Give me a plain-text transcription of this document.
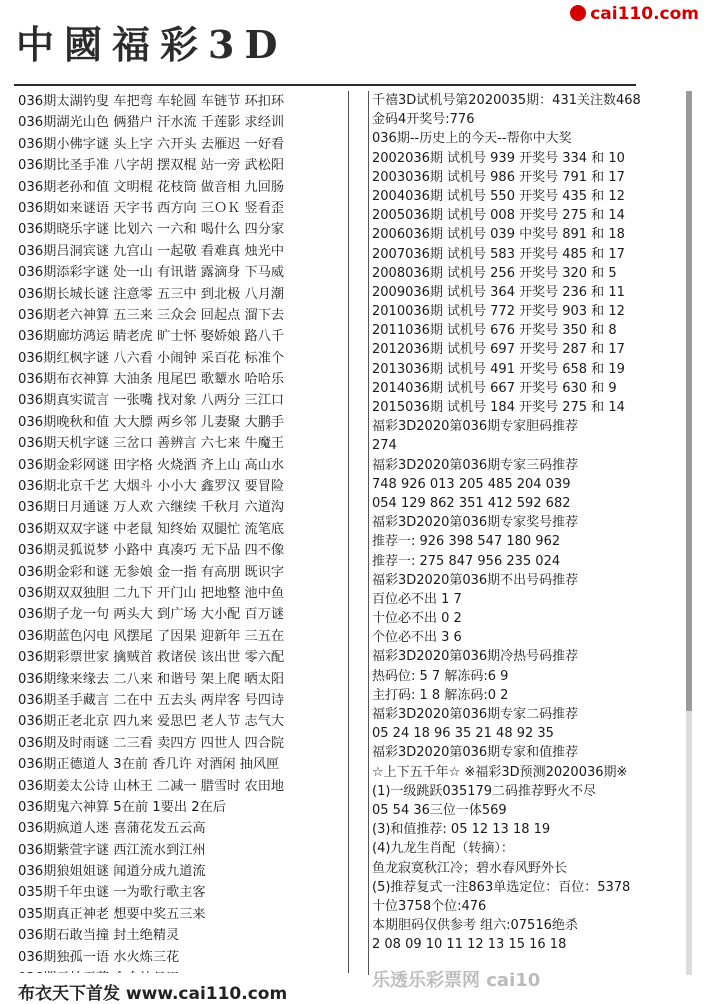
cai110.com
中國福彩3D
036期太湖钓叟 车把弯 车轮圆 车链节 环扣环
036期湖光山色 俩猎户 汗水流 千莲影 求经训
036期小佛字谜 头上字 六开头 去雁迟 一好看
036期比圣手准 八字胡 摆双棍 站一旁 武松阳
036期老孙和值 文明棍 花枝筒 做音相 九回肠
036期如来谜语 天字书 西方向 三ＯＫ 竖看歪
036期晓乐字谜 比划六 一六和 喝什么 四分家
036期吕洞宾谜 九宫山 一起敬 看难真 烛光中
036期添彩字谜 处一山 有讯谐 露滴身 下马威
036期长城长谜 注意零 五三中 到北极 八月潮
036期老六神算 五三来 三众会 回起点 溜下去
036期廊坊鸿运 睛老虎 旷士怀 娶娇娘 路八千
036期红枫字谜 八六看 小闹钟 采百花 标准个
036期布衣神算 大油条 甩尾巴 歌颦水 哈哈乐
036期真实谎言 一张嘴 找对象 八两分 三江口
036期晚秋和值 大大膘 两乡邻 儿妻聚 大鹏手
036期天机字谜 三岔口 善辨言 六七来 牛魔王
036期金彩网谜 田字格 火烧酒 齐上山 高山水
036期北京千艺 大烟斗 小小大 鑫罗汉 要冒险
036期日月通谜 万人欢 六继续 千秋月 六道沟
036期双双字谜 中老鼠 知终始 双腿忙 流笔底
036期灵狐说梦 小路中 真凑巧 无下品 四不像
036期金彩和谜 无参娘 金一指 有高朋 既识字
036期双双独胆 二九下 开门山 把地整 池中鱼
036期子龙一句 两头大 到广场 大小配 百万谜
036期蓝色闪电 风摆尾 了因果 迎新年 三五在
036期彩票世家 擒贼首 救诸侯 该出世 零六配
036期缘来缘去 二八来 和谐号 架上爬 晒太阳
036期圣手藏言 二在中 五去头 两岸客 号四诗
036期正老北京 四九来 爱思巴 老人节 志气大
036期及时雨谜 二三看 卖四方 四世人 四合院
036期正德道人 3在前 香几许 对酒闲 抽风匣
036期姜太公诗 山林王 二减一 腊雪时 农田地
036期鬼六神算 5在前 1要出 2在后
036期疯道人迷 喜蒲花发五云高
036期紫萱字谜 西江流水到江州
036期狼姐姐谜 闻道分成九道流
035期千年虫谜 一为歌行歌主客
035期真正神老 想要中奖五三来
036期石敢当撞 封土绝精灵
036期独孤一语 水火炼三花
千禧3D试机号第2020035期：431关注数468
金码4开奖号:776
036期--历史上的今天--帮你中大奖
2002036期 试机号 939 开奖号 334 和 10
2003036期 试机号 986 开奖号 791 和 17
2004036期 试机号 550 开奖号 435 和 12
2005036期 试机号 008 开奖号 275 和 14
2006036期 试机号 039 中奖号 891 和 18
2007036期 试机号 583 开奖号 485 和 17
2008036期 试机号 256 开奖号 320 和 5
2009036期 试机号 364 开奖号 236 和 11
2010036期 试机号 772 开奖号 903 和 12
2011036期 试机号 676 开奖号 350 和 8
2012036期 试机号 697 开奖号 287 和 17
2013036期 试机号 491 开奖号 658 和 19
2014036期 试机号 667 开奖号 630 和 9
2015036期 试机号 184 开奖号 275 和 14
福彩3D2020第036期专家胆码推荐
274
福彩3D2020第036期专家三码推荐
748 926 013 205 485 204 039
054 129 862 351 412 592 682
福彩3D2020第036期专家奖号推荐
推荐一: 926 398 547 180 962
推荐一: 275 847 956 235 024
福彩3D2020第036期不出号码推荐
百位必不出 1 7
十位必不出 0 2
个位必不出 3 6
福彩3D2020第036期冷热号码推荐
热码位: 5 7 解冻码:6 9
主打码: 1 8 解冻码:0 2
福彩3D2020第036期专家二码推荐
05 24 18 96 35 21 48 92 35
福彩3D2020第036期专家和值推荐
☆上下五千年☆ ※福彩3D预测2020036期※
(1)一级跳跃035179二码推荐野火不尽
05 54 36三位一体569
(3)和值推荐: 05 12 13 18 19
(4)九龙生肖配（转摘）：
鱼龙寂寞秋江冷；碧水春风野外长
(5)推荐复式一注863单选定位：百位：5378
十位3758个位:476
本期胆码仅供参考 组六:07516绝杀
2 08 09 10 11 12 13 15 16 18
乐透乐彩票网 cai10
布衣天下首发 www.cai110.com
